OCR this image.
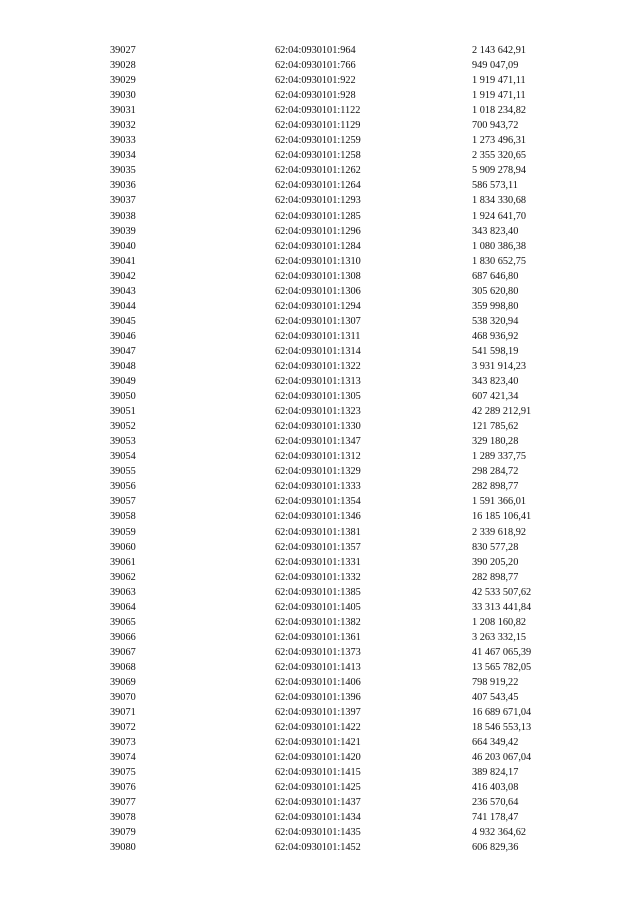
39027	62:04:0930101:964	2 143 642,91
39028	62:04:0930101:766	949 047,09
39029	62:04:0930101:922	1 919 471,11
39030	62:04:0930101:928	1 919 471,11
39031	62:04:0930101:1122	1 018 234,82
39032	62:04:0930101:1129	700 943,72
39033	62:04:0930101:1259	1 273 496,31
39034	62:04:0930101:1258	2 355 320,65
39035	62:04:0930101:1262	5 909 278,94
39036	62:04:0930101:1264	586 573,11
39037	62:04:0930101:1293	1 834 330,68
39038	62:04:0930101:1285	1 924 641,70
39039	62:04:0930101:1296	343 823,40
39040	62:04:0930101:1284	1 080 386,38
39041	62:04:0930101:1310	1 830 652,75
39042	62:04:0930101:1308	687 646,80
39043	62:04:0930101:1306	305 620,80
39044	62:04:0930101:1294	359 998,80
39045	62:04:0930101:1307	538 320,94
39046	62:04:0930101:1311	468 936,92
39047	62:04:0930101:1314	541 598,19
39048	62:04:0930101:1322	3 931 914,23
39049	62:04:0930101:1313	343 823,40
39050	62:04:0930101:1305	607 421,34
39051	62:04:0930101:1323	42 289 212,91
39052	62:04:0930101:1330	121 785,62
39053	62:04:0930101:1347	329 180,28
39054	62:04:0930101:1312	1 289 337,75
39055	62:04:0930101:1329	298 284,72
39056	62:04:0930101:1333	282 898,77
39057	62:04:0930101:1354	1 591 366,01
39058	62:04:0930101:1346	16 185 106,41
39059	62:04:0930101:1381	2 339 618,92
39060	62:04:0930101:1357	830 577,28
39061	62:04:0930101:1331	390 205,20
39062	62:04:0930101:1332	282 898,77
39063	62:04:0930101:1385	42 533 507,62
39064	62:04:0930101:1405	33 313 441,84
39065	62:04:0930101:1382	1 208 160,82
39066	62:04:0930101:1361	3 263 332,15
39067	62:04:0930101:1373	41 467 065,39
39068	62:04:0930101:1413	13 565 782,05
39069	62:04:0930101:1406	798 919,22
39070	62:04:0930101:1396	407 543,45
39071	62:04:0930101:1397	16 689 671,04
39072	62:04:0930101:1422	18 546 553,13
39073	62:04:0930101:1421	664 349,42
39074	62:04:0930101:1420	46 203 067,04
39075	62:04:0930101:1415	389 824,17
39076	62:04:0930101:1425	416 403,08
39077	62:04:0930101:1437	236 570,64
39078	62:04:0930101:1434	741 178,47
39079	62:04:0930101:1435	4 932 364,62
39080	62:04:0930101:1452	606 829,36
